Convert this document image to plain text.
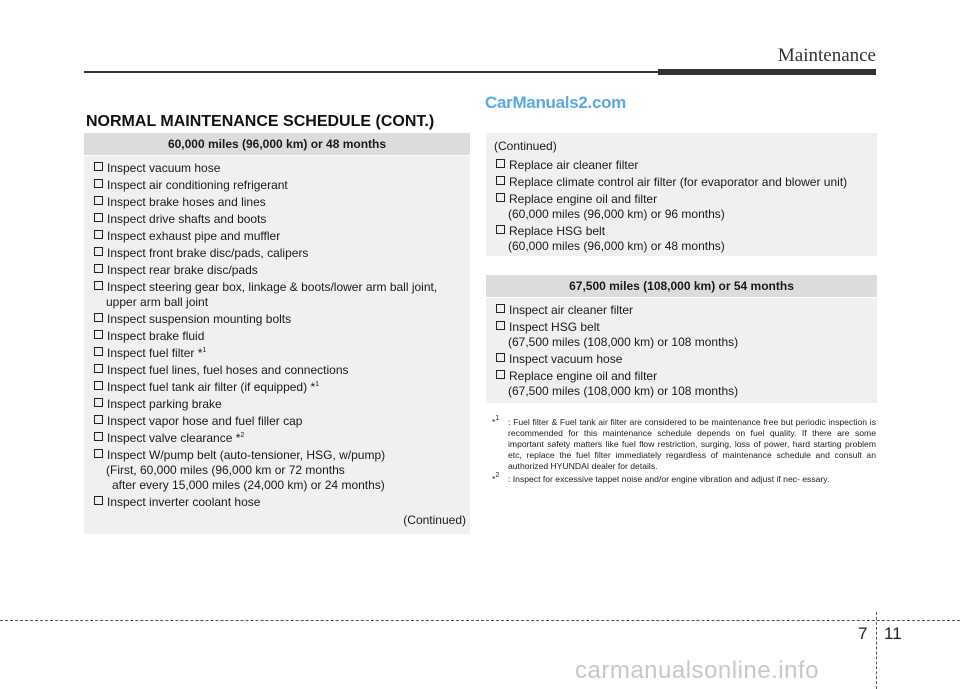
Maintenance
CarManuals2.com
NORMAL MAINTENANCE SCHEDULE (CONT.)
60,000 miles (96,000 km) or 48 months
Inspect vacuum hose
Inspect air conditioning refrigerant
Inspect brake hoses and lines
Inspect drive shafts and boots
Inspect exhaust pipe and muffler
Inspect front brake disc/pads, calipers
Inspect rear brake disc/pads
Inspect steering gear box, linkage & boots/lower arm ball joint,
upper arm ball joint
Inspect suspension mounting bolts
Inspect brake fluid
Inspect fuel filter *$^1$
Inspect fuel lines, fuel hoses and connections
Inspect fuel tank air filter (if equipped) *$^1$
Inspect parking brake
Inspect vapor hose and fuel filler cap
Inspect valve clearance *$^2$
Inspect W/pump belt (auto-tensioner, HSG, w/pump)
(First, 60,000 miles (96,000 km or 72 months
after every 15,000 miles (24,000 km) or 24 months)
Inspect inverter coolant hose
(Continued)
(Continued)
Replace air cleaner filter
Replace climate control air filter (for evaporator and blower unit)
Replace engine oil and filter
(60,000 miles (96,000 km) or 96 months)
Replace HSG belt
(60,000 miles (96,000 km) or 48 months)
67,500 miles (108,000 km) or 54 months
Inspect air cleaner filter
Inspect HSG belt
(67,500 miles (108,000 km) or 108 months)
Inspect vacuum hose
Replace engine oil and filter
(67,500 miles (108,000 km) or 108 months)
*$^1$	: Fuel filter & Fuel tank air filter are considered to be maintenance free but periodic inspection is recommended for this maintenance schedule depends on fuel quality. If there are some important safety matters like fuel flow restriction, surging, loss of power, hard starting problem etc, replace the fuel filter immediately regardless of maintenance schedule and consult an authorized HYUNDAI dealer for details.
*$^2$	: Inspect for excessive tappet noise and/or engine vibration and adjust if nec- essary.
7 11
carmanualsonline.info
